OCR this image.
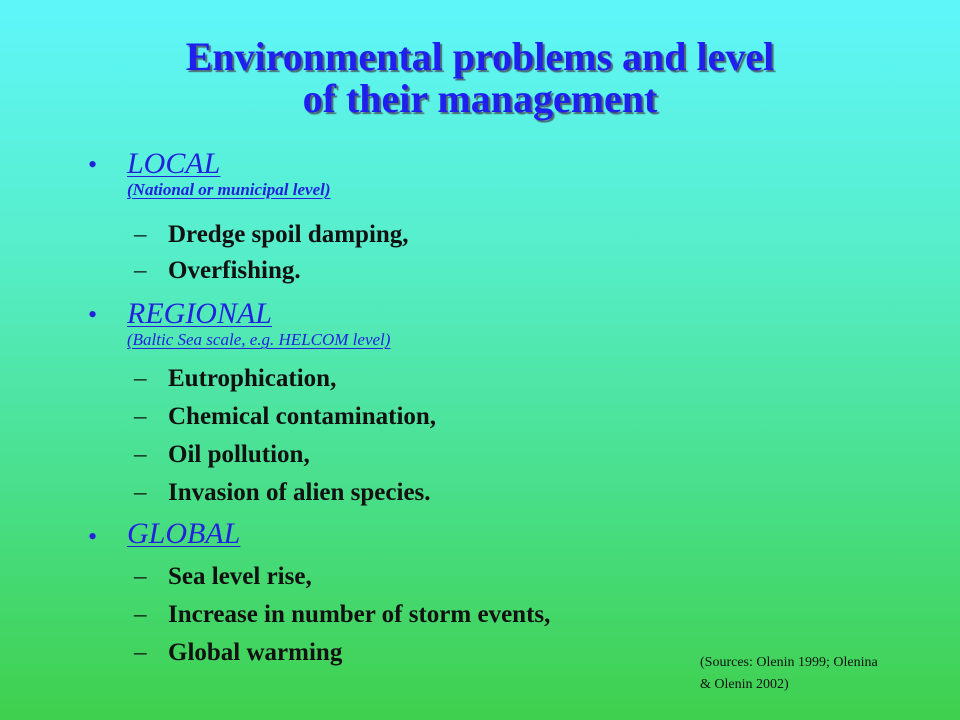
Environmental problems and level
of their management
• LOCAL
(National or municipal level)
– Dredge spoil damping,
– Overfishing.
• REGIONAL
(Baltic Sea scale, e.g. HELCOM level)
– Eutrophication,
– Chemical contamination,
– Oil pollution,
– Invasion of alien species.
• GLOBAL
– Sea level rise,
– Increase in number of storm events,
– Global warming	(Sources: Olenin 1999; Olenina
& Olenin 2002)
